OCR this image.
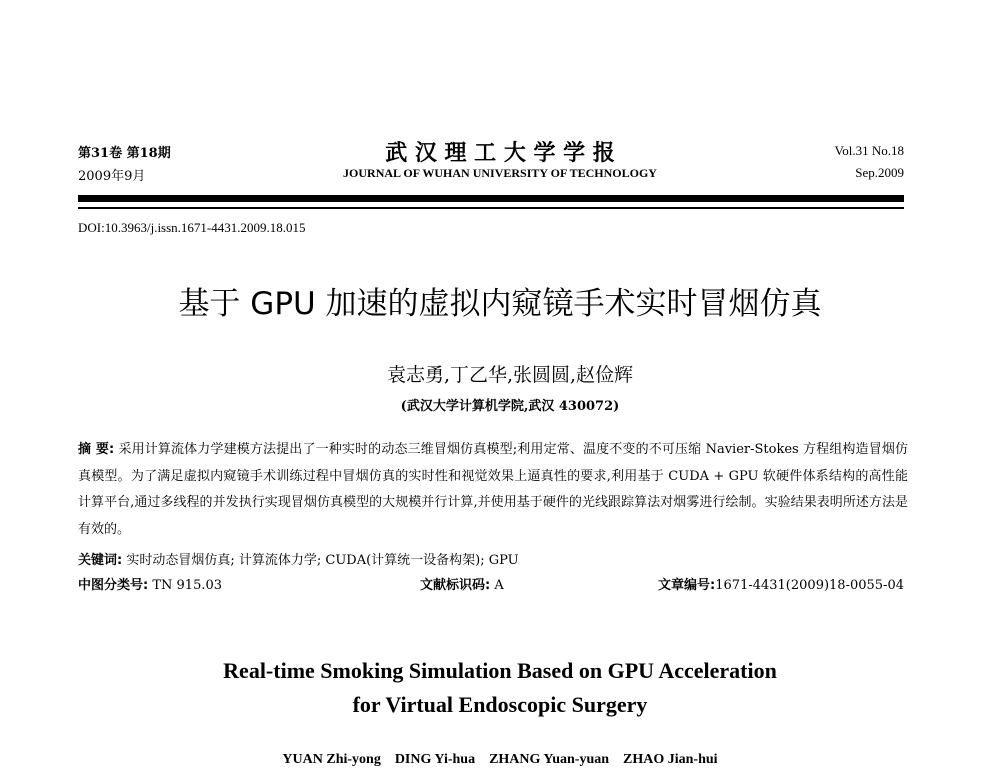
第31卷 第18期
2009年9月
武 汉 理 工 大 学 学 报
JOURNAL OF WUHAN UNIVERSITY OF TECHNOLOGY
Vol.31 No.18
Sep.2009
DOI:10.3963/j.issn.1671-4431.2009.18.015
基于 GPU 加速的虚拟内窥镜手术实时冒烟仿真
袁志勇,丁乙华,张圆圆,赵俭辉
(武汉大学计算机学院,武汉 430072)
摘 要: 采用计算流体力学建模方法提出了一种实时的动态三维冒烟仿真模型;利用定常、温度不变的不可压缩 Navier-Stokes 方程组构造冒烟仿真模型。为了满足虚拟内窥镜手术训练过程中冒烟仿真的实时性和视觉效果上逼真性的要求,利用基于 CUDA + GPU 软硬件体系结构的高性能计算平台,通过多线程的并发执行实现冒烟仿真模型的大规模并行计算,并使用基于硬件的光线跟踪算法对烟雾进行绘制。实验结果表明所述方法是有效的。
关键词: 实时动态冒烟仿真; 计算流体力学; CUDA(计算统一设备构架); GPU
中图分类号: TN 915.03	文献标识码: A	文章编号:1671-4431(2009)18-0055-04
Real-time Smoking Simulation Based on GPU Acceleration
for Virtual Endoscopic Surgery
YUAN Zhi-yong    DING Yi-hua    ZHANG Yuan-yuan    ZHAO Jian-hui
